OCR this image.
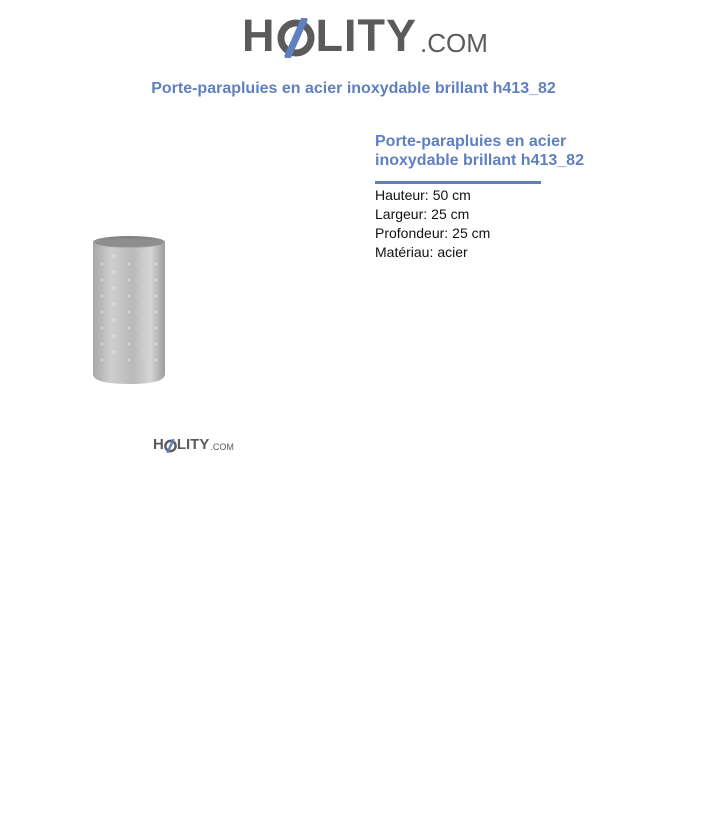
H LITY .COM
Porte-parapluies en acier inoxydable brillant h413_82
H LITY .COM
Porte-parapluies en acier inoxydable brillant h413_82
Hauteur: 50 cm
Largeur: 25 cm
Profondeur: 25 cm
Matériau: acier
